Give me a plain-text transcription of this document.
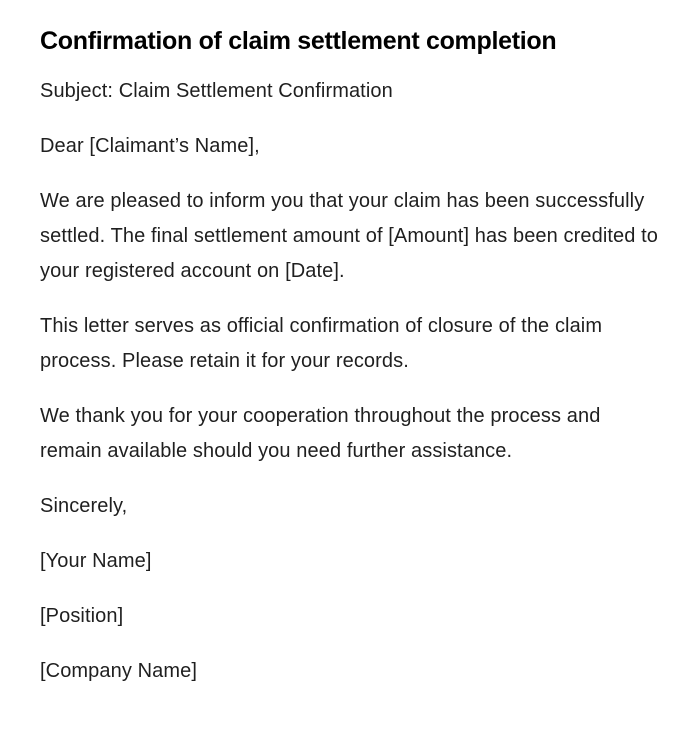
Confirmation of claim settlement completion

Subject: Claim Settlement Confirmation

Dear [Claimant’s Name],

We are pleased to inform you that your claim has been successfully settled. The final settlement amount of [Amount] has been credited to your registered account on [Date].

This letter serves as official confirmation of closure of the claim process. Please retain it for your records.

We thank you for your cooperation throughout the process and remain available should you need further assistance.

Sincerely,

[Your Name]

[Position]

[Company Name]
